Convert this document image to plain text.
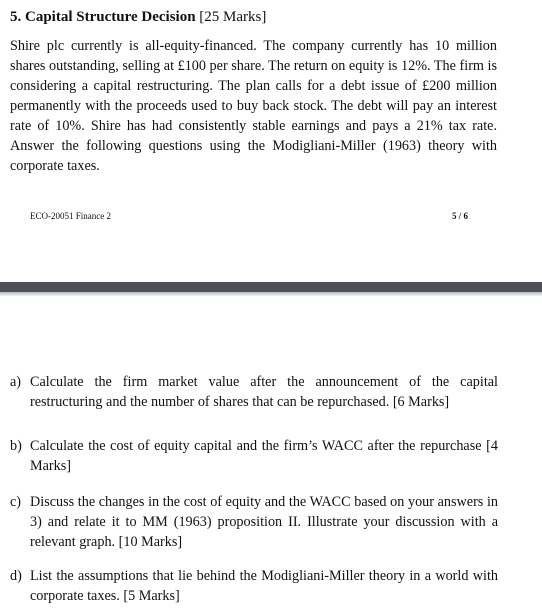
5. Capital Structure Decision [25 Marks]

Shire plc currently is all-equity-financed. The company currently has 10 million shares outstanding, selling at £100 per share. The return on equity is 12%. The firm is considering a capital restructuring. The plan calls for a debt issue of £200 million permanently with the proceeds used to buy back stock. The debt will pay an interest rate of 10%. Shire has had consistently stable earnings and pays a 21% tax rate. Answer the following questions using the Modigliani-Miller (1963) theory with corporate taxes.

ECO-20051 Finance 2	5 / 6
a) Calculate the firm market value after the announcement of the capital restructuring and the number of shares that can be repurchased. [6 Marks]
b) Calculate the cost of equity capital and the firm’s WACC after the repurchase [4 Marks]
c) Discuss the changes in the cost of equity and the WACC based on your answers in 3) and relate it to MM (1963) proposition II. Illustrate your discussion with a relevant graph. [10 Marks]
d) List the assumptions that lie behind the Modigliani-Miller theory in a world with corporate taxes. [5 Marks]
